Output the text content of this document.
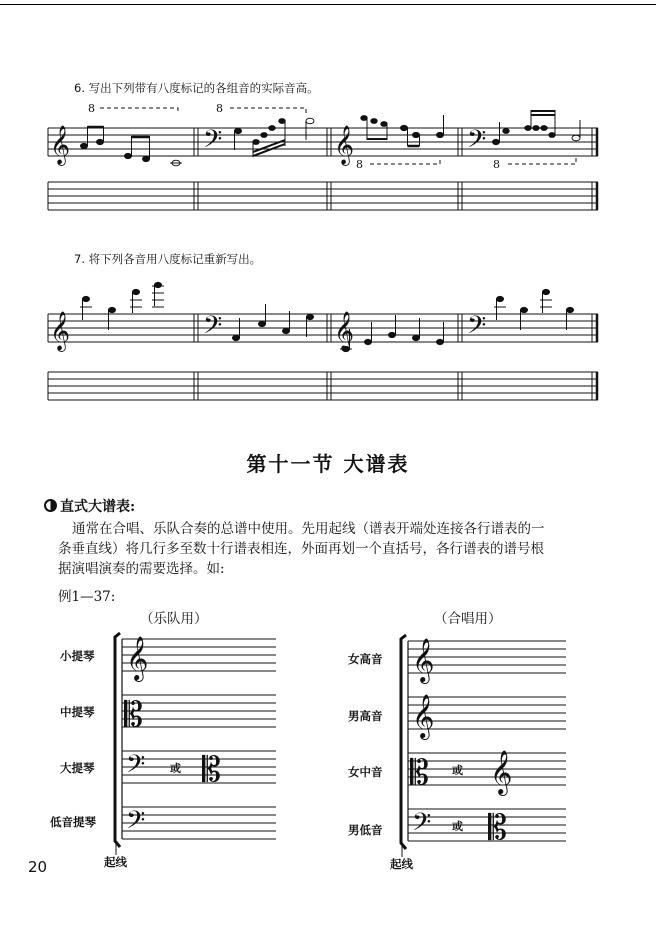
6. 写出下列带有八度标记的各组音的实际音高。
𝄞	𝄢	𝄞	𝄢
8	8
8	8
7. 将下列各音用八度标记重新写出。
𝄞	𝄢	𝄞	𝄢
第十一节 大谱表
直式大谱表:
通常在合唱、乐队合奏的总谱中使用。先用起线（谱表开端处连接各行谱表的一
条垂直线）将几行多至数十行谱表相连，外面再划一个直括号，各行谱表的谱号根
据演唱演奏的需要选择。如:
例1—37:
（乐队用）
小提琴
中提琴
大提琴
低音提琴
𝄞
𝄡
𝄢 𝄡
𝄢
或
起线
（合唱用）
女高音
男高音
女中音
男低音
𝄞
𝄞
𝄡 𝄞
𝄢 𝄡
或
或
起线
20
